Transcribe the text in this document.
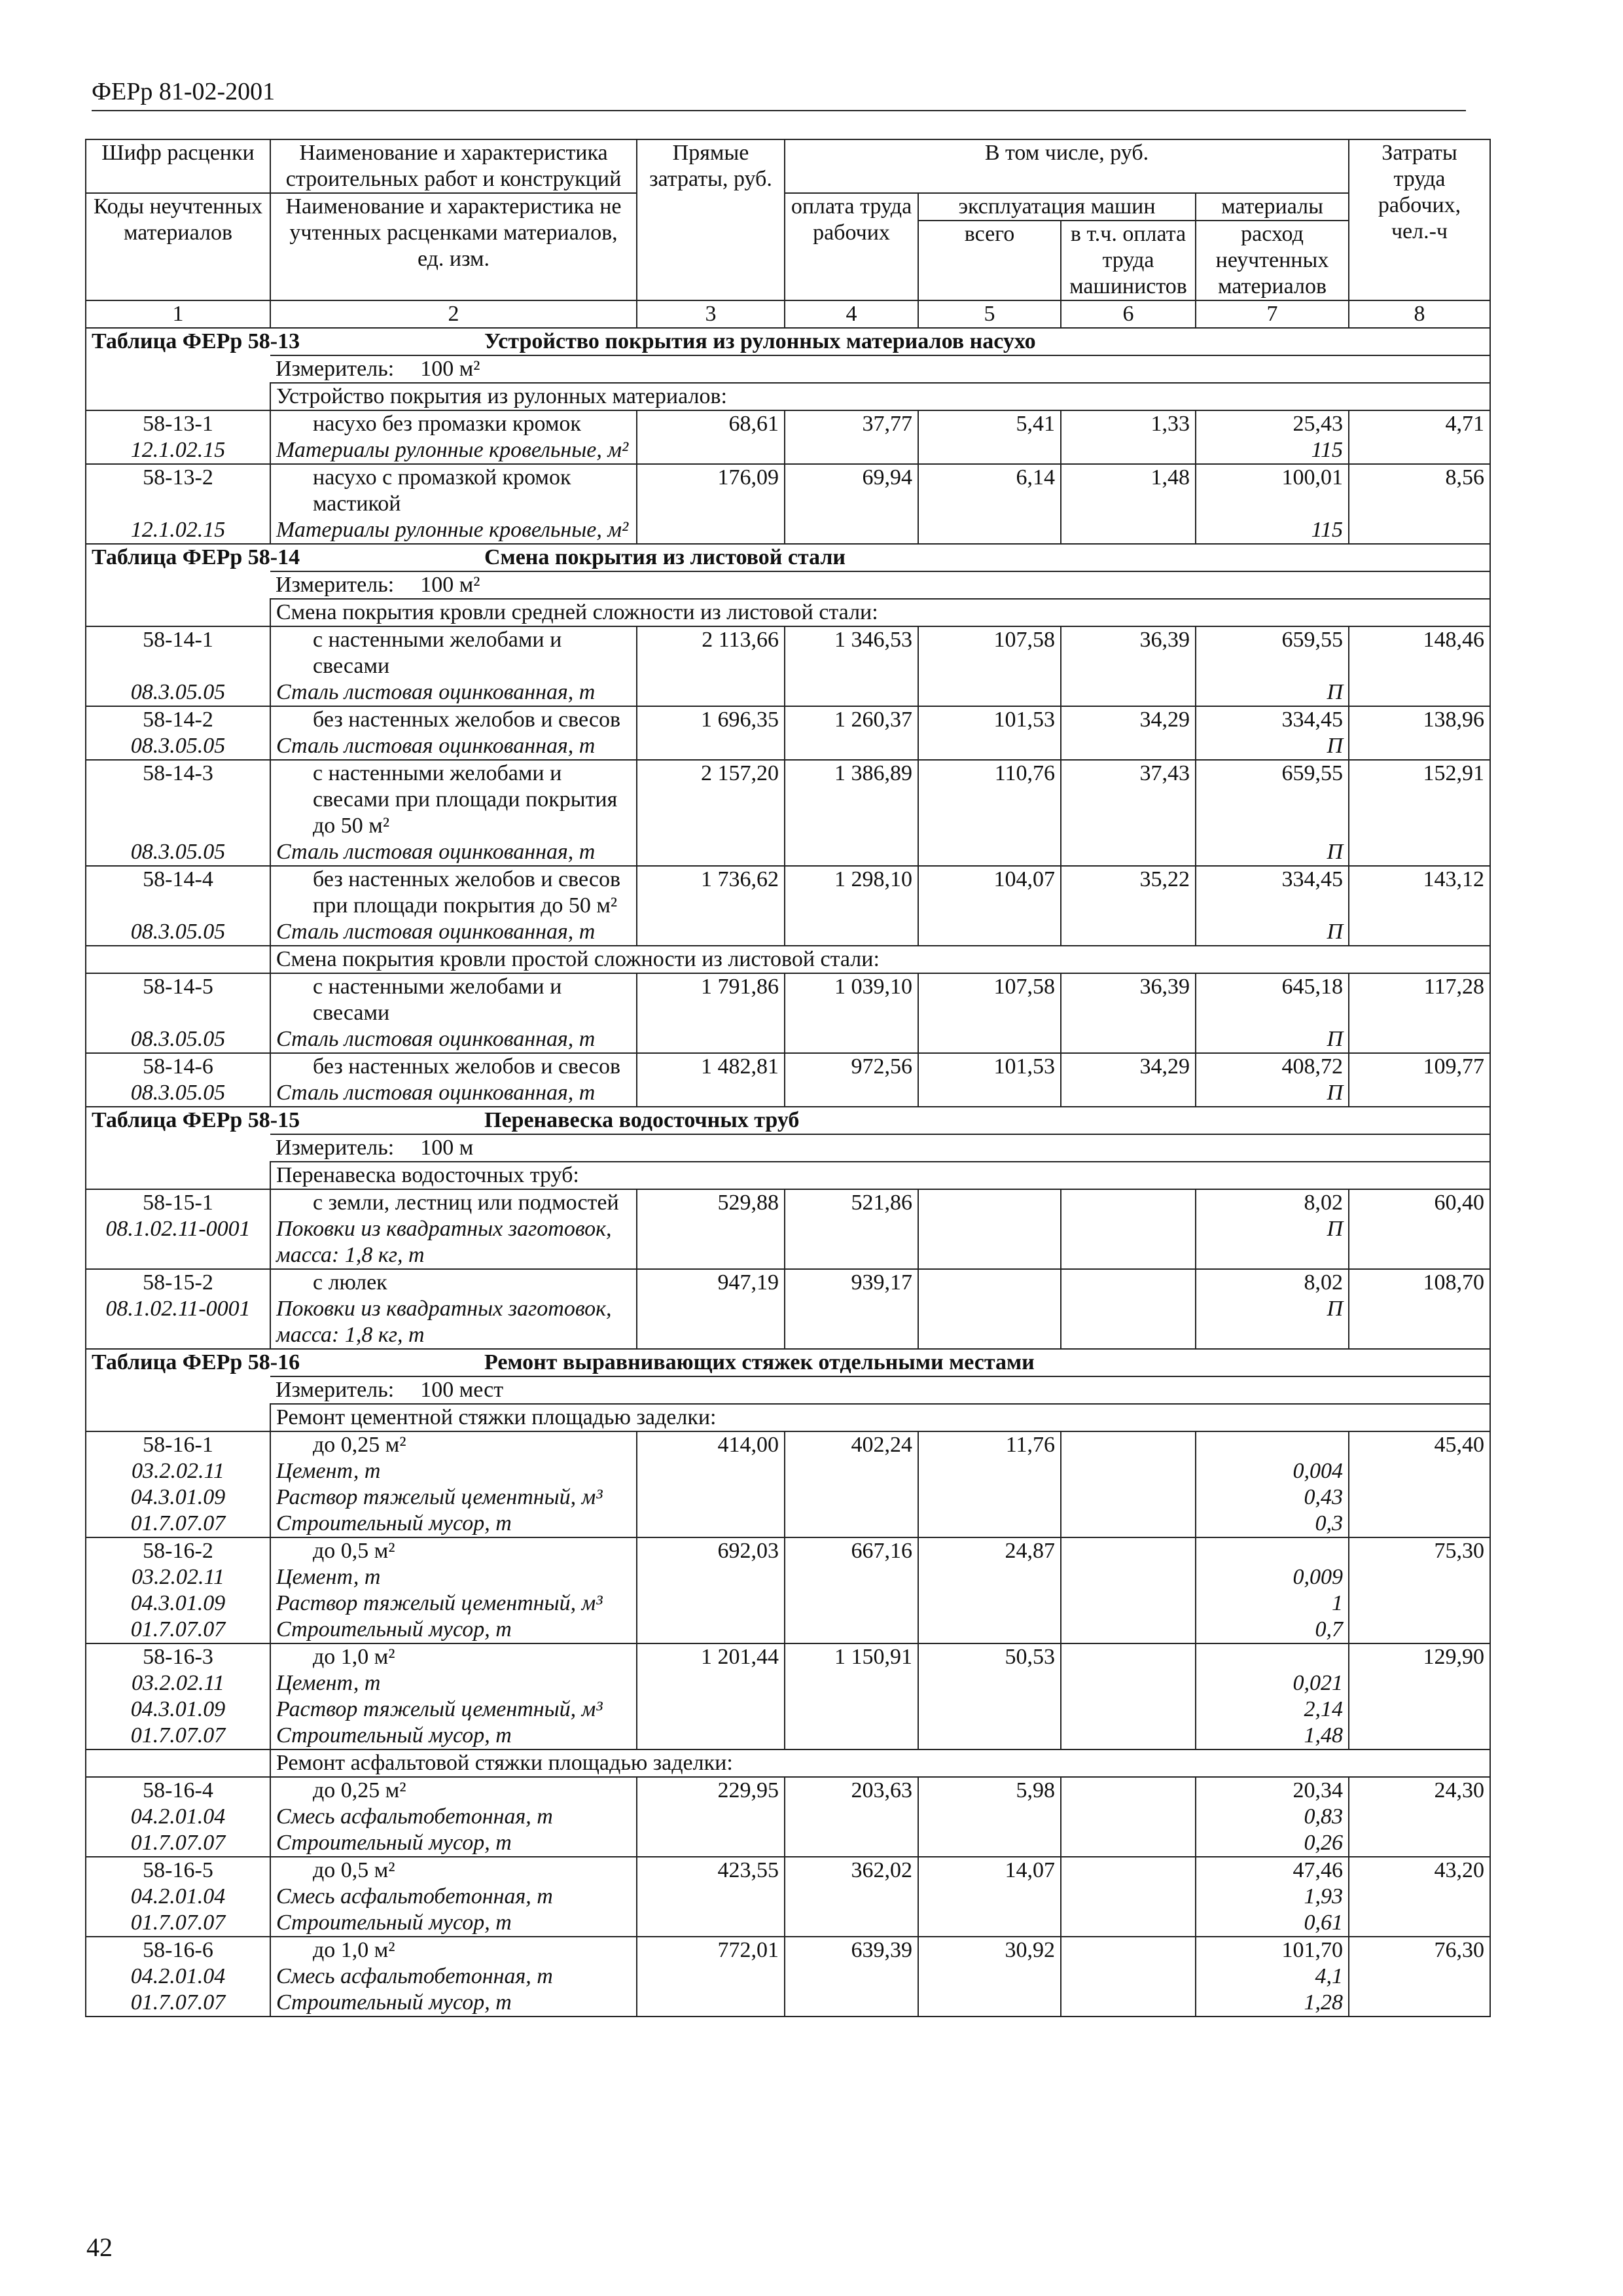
ФЕРр 81-02-2001
Шифр расценки	Наименование и характеристика строительных работ и конструкций	Прямые затраты, руб.	В том числе, руб.				Затраты труда рабочих, чел.-ч
Коды неучтенных материалов	Наименование и характеристика не учтенных расценками материалов, ед. изм.		оплата труда рабочих	эксплуатация машин		материалы	
				всего	в т.ч. оплата труда машинистов	расход неучтенных материалов	
1	2	3	4	5	6	7	8
Таблица ФЕРр 58-13 Устройство покрытия из рулонных материалов насухо							
	Измеритель: 100 м²						
	Устройство покрытия из рулонных материалов:						
58-13-1	насухо без промазки кромок	68,61	37,77	5,41	1,33	25,43	4,71
12.1.02.15	Материалы рулонные кровельные, м²					115	
58-13-2	насухо с промазкой кромок мастикой	176,09	69,94	6,14	1,48	100,01	8,56
12.1.02.15	Материалы рулонные кровельные, м²					115	
Таблица ФЕРр 58-14 Смена покрытия из листовой стали							
	Измеритель: 100 м²						
	Смена покрытия кровли средней сложности из листовой стали:						
58-14-1	с настенными желобами и свесами	2 113,66	1 346,53	107,58	36,39	659,55	148,46
08.3.05.05	Сталь листовая оцинкованная, т					П	
58-14-2	без настенных желобов и свесов	1 696,35	1 260,37	101,53	34,29	334,45	138,96
08.3.05.05	Сталь листовая оцинкованная, т					П	
58-14-3	с настенными желобами и свесами при площади покрытия до 50 м²	2 157,20	1 386,89	110,76	37,43	659,55	152,91
08.3.05.05	Сталь листовая оцинкованная, т					П	
58-14-4	без настенных желобов и свесов при площади покрытия до 50 м²	1 736,62	1 298,10	104,07	35,22	334,45	143,12
08.3.05.05	Сталь листовая оцинкованная, т					П	
	Смена покрытия кровли простой сложности из листовой стали:						
58-14-5	с настенными желобами и свесами	1 791,86	1 039,10	107,58	36,39	645,18	117,28
08.3.05.05	Сталь листовая оцинкованная, т					П	
58-14-6	без настенных желобов и свесов	1 482,81	972,56	101,53	34,29	408,72	109,77
08.3.05.05	Сталь листовая оцинкованная, т					П	
Таблица ФЕРр 58-15 Перенавеска водосточных труб							
	Измеритель: 100 м						
	Перенавеска водосточных труб:						
58-15-1	с земли, лестниц или подмостей	529,88	521,86			8,02	60,40
08.1.02.11-0001	Поковки из квадратных заготовок, масса: 1,8 кг, т					П	
58-15-2	с люлек	947,19	939,17			8,02	108,70
08.1.02.11-0001	Поковки из квадратных заготовок, масса: 1,8 кг, т					П	
Таблица ФЕРр 58-16 Ремонт выравнивающих стяжек отдельными местами							
	Измеритель: 100 мест						
	Ремонт цементной стяжки площадью заделки:						
58-16-1	до 0,25 м²	414,00	402,24	11,76			45,40
03.2.02.11	Цемент, т					0,004	
04.3.01.09	Раствор тяжелый цементный, м³					0,43	
01.7.07.07	Строительный мусор, т					0,3	
58-16-2	до 0,5 м²	692,03	667,16	24,87			75,30
03.2.02.11	Цемент, т					0,009	
04.3.01.09	Раствор тяжелый цементный, м³					1	
01.7.07.07	Строительный мусор, т					0,7	
58-16-3	до 1,0 м²	1 201,44	1 150,91	50,53			129,90
03.2.02.11	Цемент, т					0,021	
04.3.01.09	Раствор тяжелый цементный, м³					2,14	
01.7.07.07	Строительный мусор, т					1,48	
	Ремонт асфальтовой стяжки площадью заделки:						
58-16-4	до 0,25 м²	229,95	203,63	5,98		20,34	24,30
04.2.01.04	Смесь асфальтобетонная, т					0,83	
01.7.07.07	Строительный мусор, т					0,26	
58-16-5	до 0,5 м²	423,55	362,02	14,07		47,46	43,20
04.2.01.04	Смесь асфальтобетонная, т					1,93	
01.7.07.07	Строительный мусор, т					0,61	
58-16-6	до 1,0 м²	772,01	639,39	30,92		101,70	76,30
04.2.01.04	Смесь асфальтобетонная, т					4,1	
01.7.07.07	Строительный мусор, т					1,28	
42
